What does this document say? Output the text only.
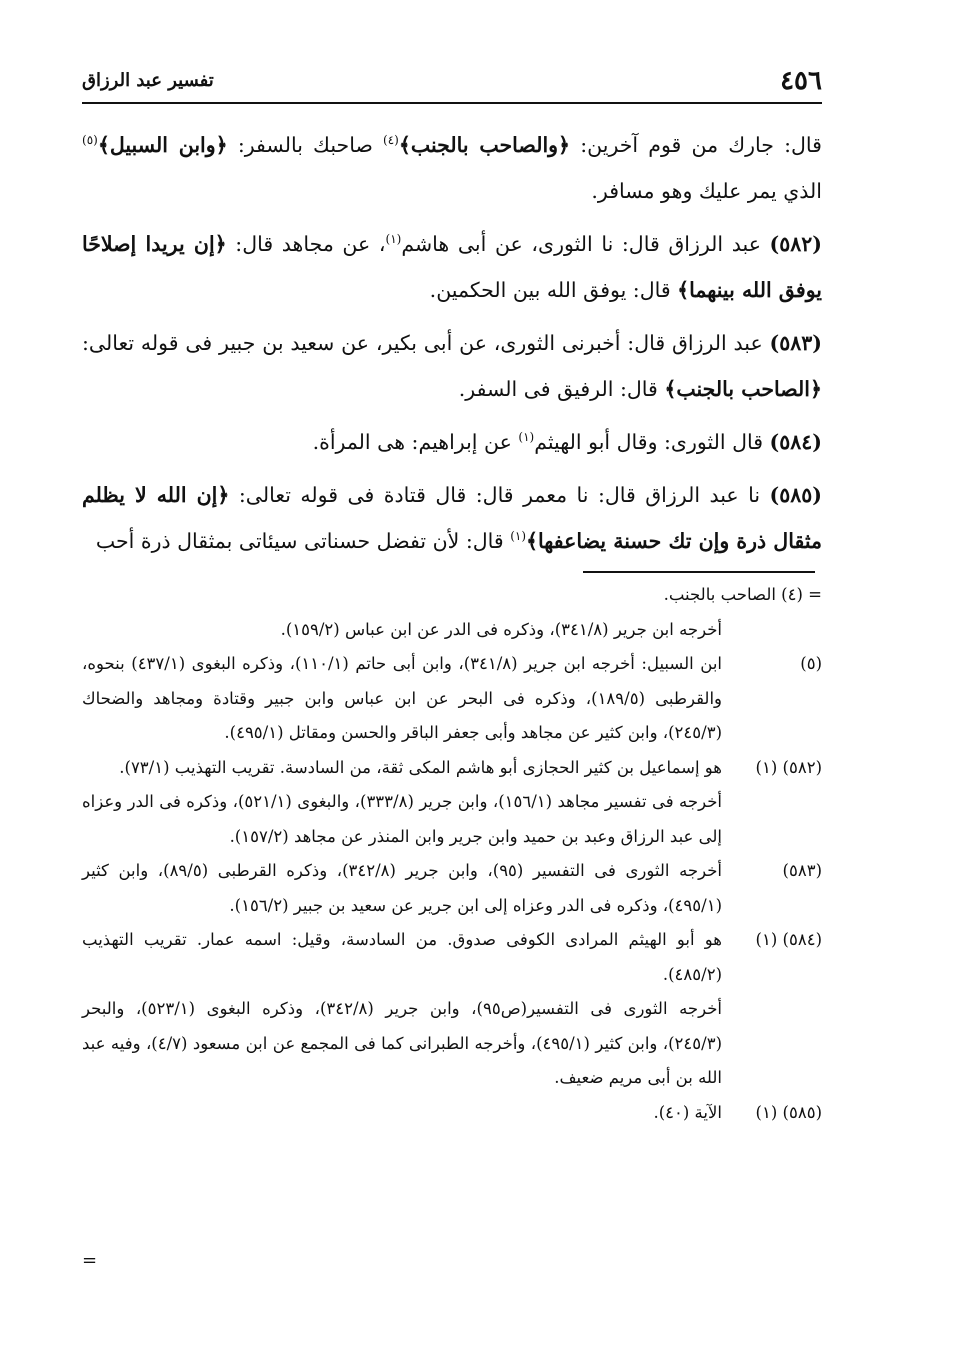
٤٥٦
تفسير عبد الرزاق

قال: جارك من قوم آخرين: ﴿والصاحب بالجنب﴾$^{(٤)}$ صاحبك بالسفر: ﴿وابن السبيل﴾$^{(٥)}$ الذي يمر عليك وهو مسافر.

(٥٨٢) عبد الرزاق قال: نا الثورى، عن أبى هاشم$^{(١)}$، عن مجاهد قال: ﴿إن يريدا إصلاحًا يوفق الله بينهما﴾ قال: يوفق الله بين الحكمين.

(٥٨٣) عبد الرزاق قال: أخبرنى الثورى، عن أبى بكير، عن سعيد بن جبير فى قوله تعالى: ﴿الصاحب بالجنب﴾ قال: الرفيق فى السفر.

(٥٨٤) قال الثورى: وقال أبو الهيثم$^{(١)}$ عن إبراهيم: هى المرأة.

(٥٨٥) نا عبد الرزاق قال: نا معمر قال: قال قتادة فى قوله تعالى: ﴿إن الله لا يظلم مثقال ذرة وإن تك حسنة يضاعفها﴾$^{(١)}$ قال: لأن تفضل حسناتى سيئاتى بمثقال ذرة أحب

= (٤) الصاحب بالجنب.
أخرجه ابن جرير (٣٤١/٨)، وذكره فى الدر عن ابن عباس (١٥٩/٢).
(٥)
ابن السبيل: أخرجه ابن جرير (٣٤١/٨)، وابن أبى حاتم (١١٠/١)، وذكره البغوى (٤٣٧/١) بنحوه، والقرطبى (١٨٩/٥)، وذكره فى البحر عن ابن عباس وابن جبير وقتادة ومجاهد والضحاك (٢٤٥/٣)، وابن كثير عن مجاهد وأبى جعفر الباقر والحسن ومقاتل (٤٩٥/١).
(٥٨٢) (١)
هو إسماعيل بن كثير الحجازى أبو هاشم المكى ثقة، من السادسة. تقريب التهذيب (٧٣/١).
أخرجه فى تفسير مجاهد (١٥٦/١)، وابن جرير (٣٣٣/٨)، والبغوى (٥٢١/١)، وذكره فى الدر وعزاه إلى عبد الرزاق وعبد بن حميد وابن جرير وابن المنذر عن مجاهد (١٥٧/٢).
(٥٨٣)
أخرجه الثورى فى التفسير (٩٥)، وابن جرير (٣٤٢/٨)، وذكره القرطبى (٨٩/٥)، وابن كثير (٤٩٥/١)، وذكره فى الدر وعزاه إلى ابن جرير عن سعيد بن جبير (١٥٦/٢).
(٥٨٤) (١)
هو أبو الهيثم المرادى الكوفى صدوق. من السادسة، وقيل: اسمه عمار. تقريب التهذيب (٤٨٥/٢).
أخرجه الثورى فى التفسير(ص٩٥)، وابن جرير (٣٤٢/٨)، وذكره البغوى (٥٢٣/١)، والبحر (٢٤٥/٣)، وابن كثير (٤٩٥/١)، وأخرجه الطبرانى كما فى المجمع عن ابن مسعود (٤/٧)، وفيه عبد الله بن أبى مريم ضعيف.
(٥٨٥) (١)
الآية (٤٠).
=
